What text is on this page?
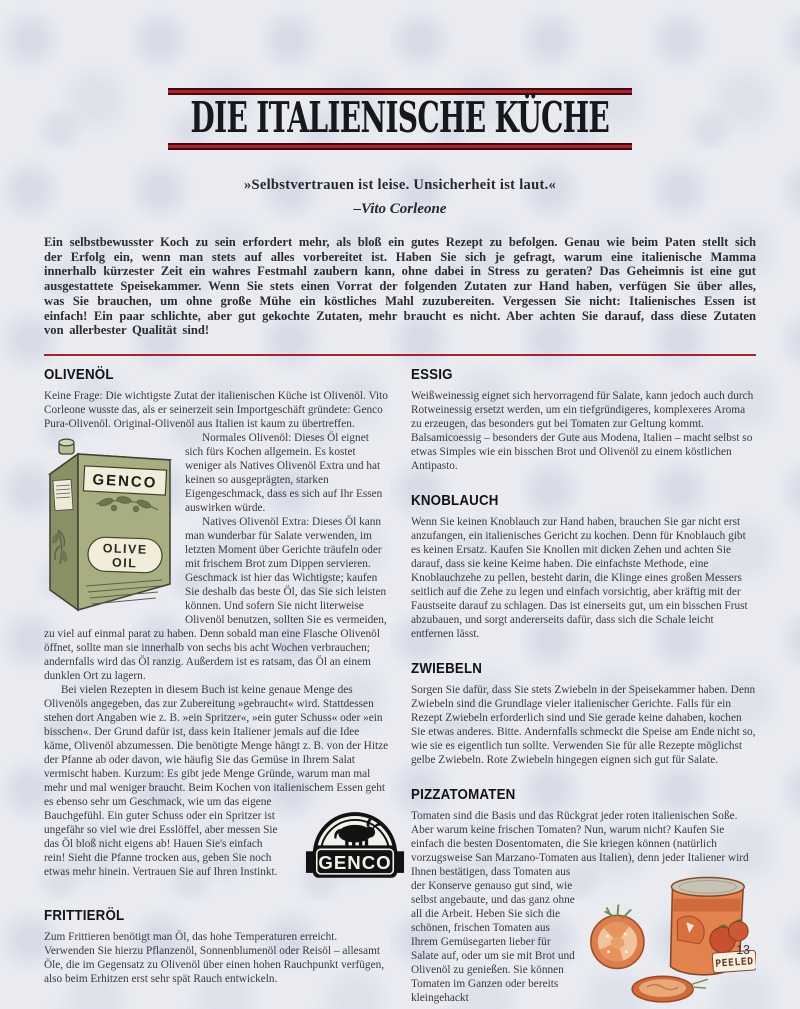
DIE ITALIENISCHE KÜCHE
»Selbstvertrauen ist leise. Unsicherheit ist laut.«
–Vito Corleone

Ein selbstbewusster Koch zu sein erfordert mehr, als bloß ein gutes Rezept zu befolgen. Genau wie beim Paten stellt sich der Erfolg ein, wenn man stets auf alles vorbereitet ist. Haben Sie sich je gefragt, warum eine italienische Mamma innerhalb kürzester Zeit ein wahres Festmahl zaubern kann, ohne dabei in Stress zu geraten? Das Geheimnis ist eine gut ausgestattete Speisekammer. Wenn Sie stets einen Vorrat der folgenden Zutaten zur Hand haben, verfügen Sie über alles, was Sie brauchen, um ohne große Mühe ein köstliches Mahl zuzubereiten. Vergessen Sie nicht: Italienisches Essen ist einfach! Ein paar schlichte, aber gut gekochte Zutaten, mehr braucht es nicht. Aber achten Sie darauf, dass diese Zutaten von allerbester Qualität sind!

OLIVENÖL

Keine Frage: Die wichtigste Zutat der italienischen Küche ist Olivenöl. Vito Corleone wusste das, als er seinerzeit sein Importgeschäft gründete: Genco Pura-Olivenöl. Original-Olivenöl aus Italien ist kaum zu übertreffen.

GENCO
OLIVE
OIL

Normales Olivenöl: Dieses Öl eignet sich fürs Kochen allgemein. Es kostet weniger als Natives Olivenöl Extra und hat keinen so ausgeprägten, starken Eigengeschmack, dass es sich auf Ihr Essen auswirken würde.

Natives Olivenöl Extra: Dieses Öl kann man wunderbar für Salate verwenden, im letzten Moment über Gerichte träufeln oder mit frischem Brot zum Dippen servieren. Geschmack ist hier das Wichtigste; kaufen Sie deshalb das beste Öl, das Sie sich leisten können. Und sofern Sie nicht literweise Olivenöl benutzen, sollten Sie es vermeiden, zu viel auf einmal parat zu haben. Denn sobald man eine Flasche Olivenöl öffnet, sollte man sie innerhalb von sechs bis acht Wochen verbrauchen; andernfalls wird das Öl ranzig. Außerdem ist es ratsam, das Öl an einem dunklen Ort zu lagern.

Bei vielen Rezepten in diesem Buch ist keine genaue Menge des Olivenöls angegeben, das zur Zubereitung »gebraucht« wird. Stattdessen stehen dort Angaben wie z. B. »ein Spritzer«, »ein guter Schuss« oder »ein bisschen«. Der Grund dafür ist, dass kein Italiener jemals auf die Idee käme, Olivenöl abzumessen. Die benötigte Menge hängt z. B. von der Hitze der Pfanne ab oder davon, wie häufig Sie das Gemüse in Ihrem Salat vermischt haben. Kurzum: Es gibt jede Menge Gründe, warum man mal mehr und mal weniger braucht. Beim Kochen von italienischem Essen geht es ebenso sehr
GENCO
um Geschmack, wie um das eigene Bauchgefühl. Ein guter Schuss oder ein Spritzer ist ungefähr so viel wie drei Esslöffel, aber messen Sie das Öl bloß nicht eigens ab! Hauen Sie's einfach rein! Sieht die Pfanne trocken aus, geben Sie noch etwas mehr hinein. Vertrauen Sie auf Ihren Instinkt.

FRITTIERÖL

Zum Frittieren benötigt man Öl, das hohe Temperaturen erreicht. Verwenden Sie hierzu Pflanzenöl, Sonnenblumenöl oder Reisöl – allesamt Öle, die im Gegensatz zu Olivenöl über einen hohen Rauchpunkt verfügen, also beim Erhitzen erst sehr spät Rauch entwickeln.

ESSIG

Weißweinessig eignet sich hervorragend für Salate, kann jedoch auch durch Rotweinessig ersetzt werden, um ein tiefgründigeres, komplexeres Aroma zu erzeugen, das besonders gut bei Tomaten zur Geltung kommt. Balsamicoessig – besonders der Gute aus Modena, Italien – macht selbst so etwas Simples wie ein bisschen Brot und Olivenöl zu einem köstlichen Antipasto.

KNOBLAUCH

Wenn Sie keinen Knoblauch zur Hand haben, brauchen Sie gar nicht erst anzufangen, ein italienisches Gericht zu kochen. Denn für Knoblauch gibt es keinen Ersatz. Kaufen Sie Knollen mit dicken Zehen und achten Sie darauf, dass sie keine Keime haben. Die einfachste Methode, eine Knoblauchzehe zu pellen, besteht darin, die Klinge eines großen Messers seitlich auf die Zehe zu legen und einfach vorsichtig, aber kräftig mit der Faustseite darauf zu schlagen. Das ist einerseits gut, um ein bisschen Frust abzubauen, und sorgt andererseits dafür, dass sich die Schale leicht entfernen lässt.

ZWIEBELN

Sorgen Sie dafür, dass Sie stets Zwiebeln in der Speisekammer haben. Denn Zwiebeln sind die Grundlage vieler italienischer Gerichte. Falls für ein Rezept Zwiebeln erforderlich sind und Sie gerade keine dahaben, kochen Sie etwas anderes. Bitte. Andernfalls schmeckt die Speise am Ende nicht so, wie sie es eigentlich tun sollte. Verwenden Sie für alle Rezepte möglichst gelbe Zwiebeln. Rote Zwiebeln hingegen eignen sich gut für Salate.

PIZZATOMATEN

Tomaten sind die Basis und das Rückgrat jeder roten italienischen Soße. Aber warum keine frischen Tomaten? Nun, warum nicht? Kaufen Sie einfach die besten Dosentomaten, die Sie kriegen können (natürlich vorzugsweise San Marzano-Tomaten aus Italien), denn jeder
PEELED
Italiener wird Ihnen bestätigen, dass Tomaten aus der Konserve genauso gut sind, wie selbst angebaute, und das ganz ohne all die Arbeit. Heben Sie sich die schönen, frischen Tomaten aus Ihrem Gemüsegarten lieber für Salate auf, oder um sie mit Brot und Olivenöl zu genießen. Sie können Tomaten im Ganzen oder bereits kleingehackt

13
